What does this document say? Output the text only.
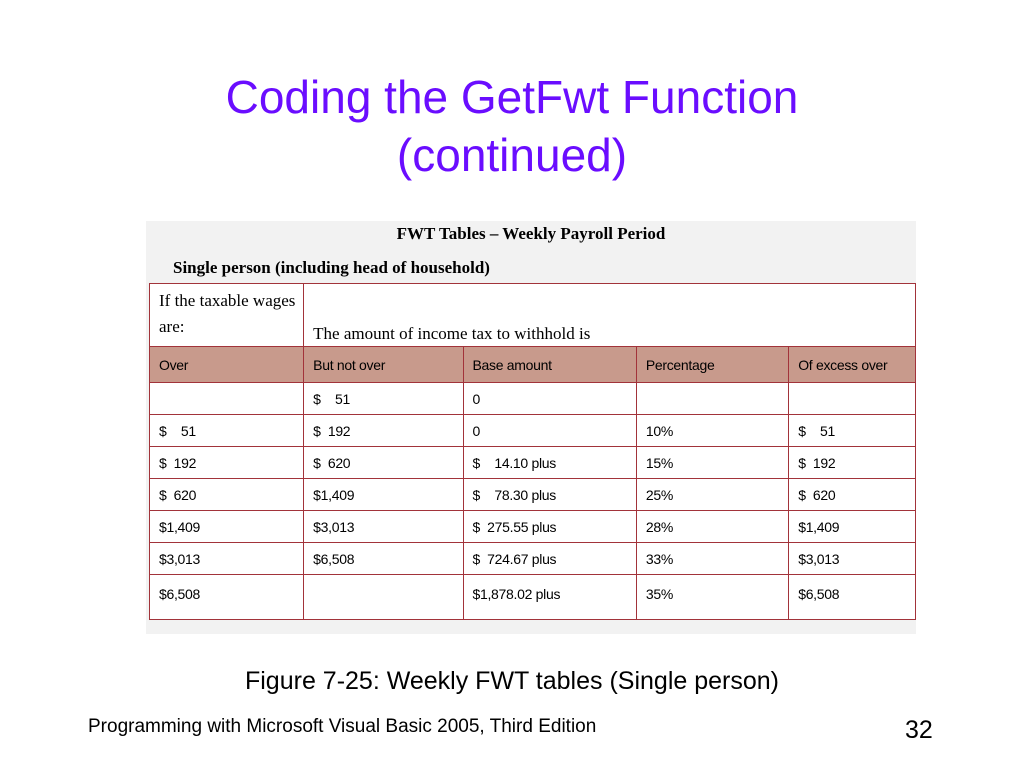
Coding the GetFwt Function
(continued)
FWT Tables – Weekly Payroll Period
Single person (including head of household)
If the taxable wages are:	The amount of income tax to withhold is			
Over	But not over	Base amount	Percentage	Of excess over
	$    51	0		
$    51	$  192	0	10%	$    51
$  192	$  620	$    14.10 plus	15%	$  192
$  620	$1,409	$    78.30 plus	25%	$  620
$1,409	$3,013	$  275.55 plus	28%	$1,409
$3,013	$6,508	$  724.67 plus	33%	$3,013
$6,508		$1,878.02 plus	35%	$6,508
Figure 7-25: Weekly FWT tables (Single person)
Programming with Microsoft Visual Basic 2005, Third Edition	32
